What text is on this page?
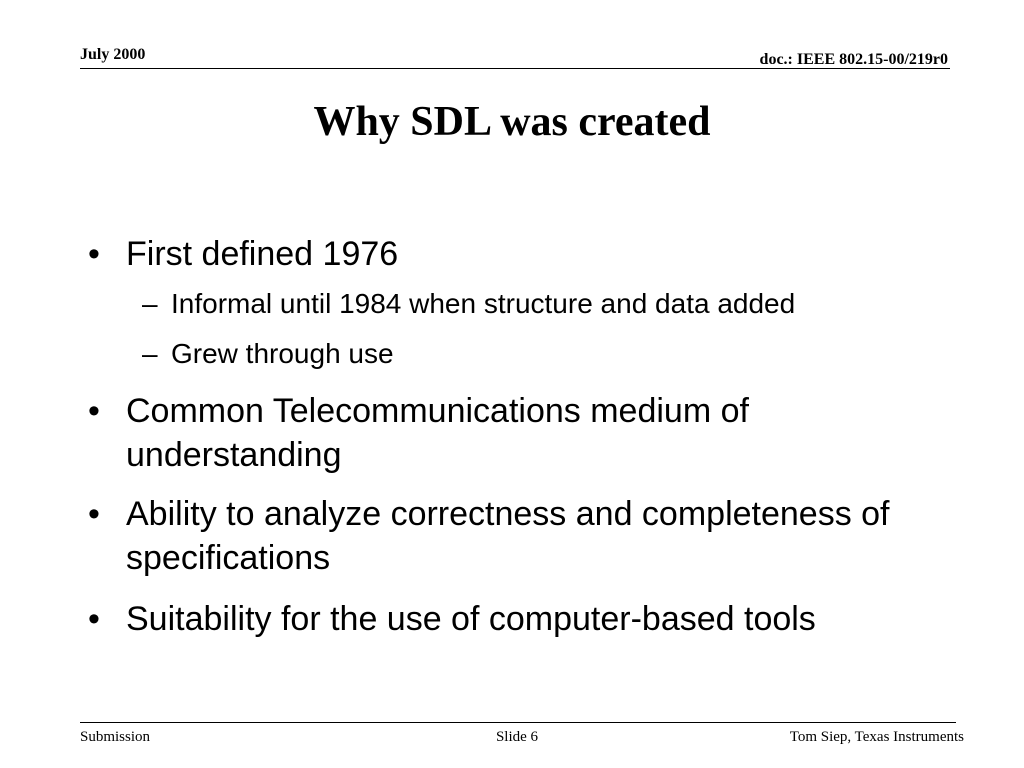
July 2000	doc.: IEEE 802.15-00/219r0
Why SDL was created
• First defined 1976
– Informal until 1984 when structure and data added
– Grew through use
• Common Telecommunications medium of understanding
• Ability to analyze correctness and completeness of specifications
• Suitability for the use of computer-based tools
Submission	Slide 6	Tom Siep, Texas Instruments
